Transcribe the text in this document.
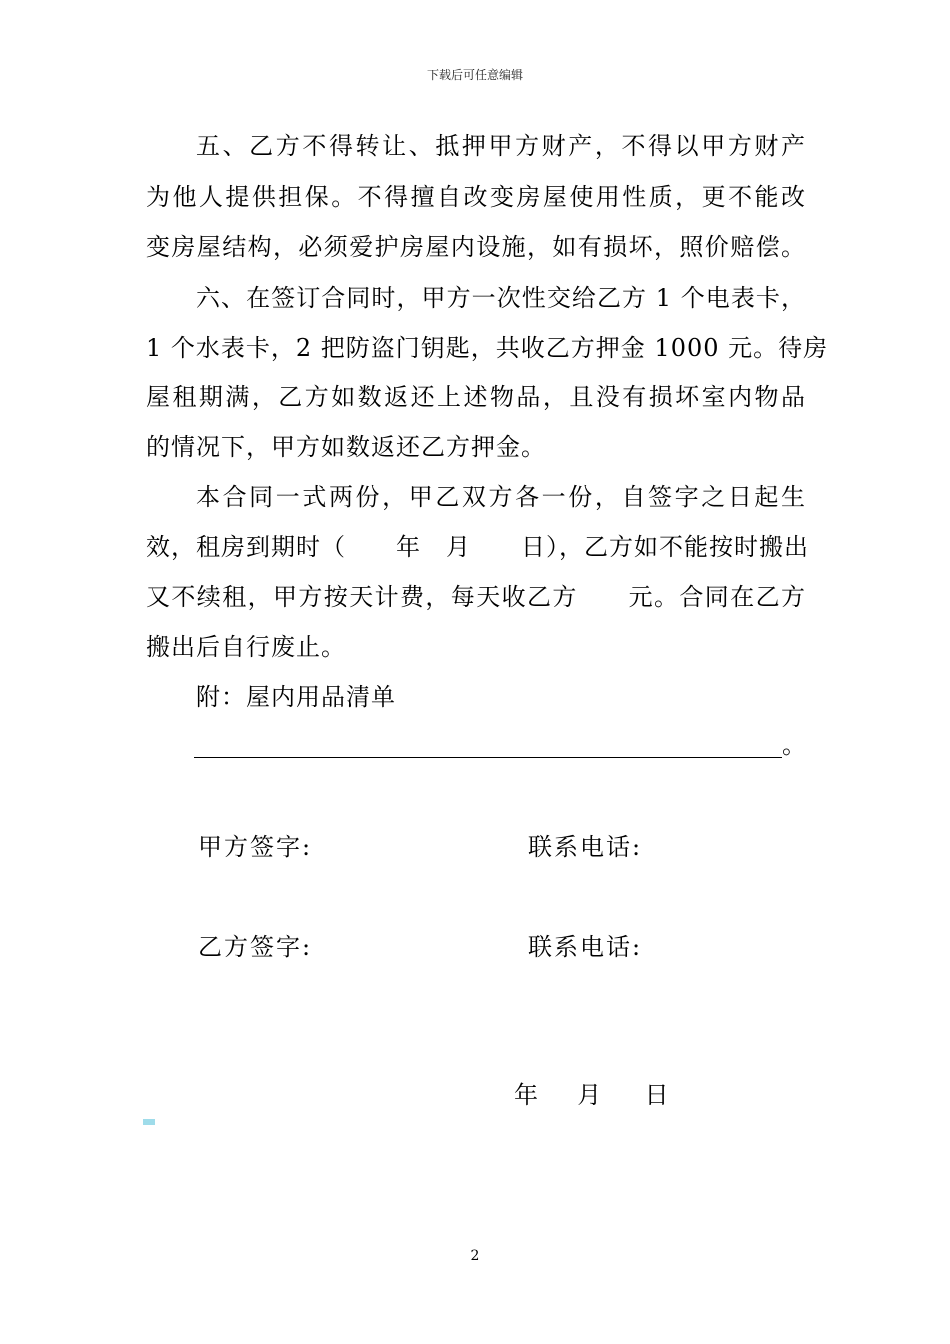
下载后可任意编辑
五、乙方不得转让、抵押甲方财产，不得以甲方财产
为他人提供担保。不得擅自改变房屋使用性质，更不能改
变房屋结构，必须爱护房屋内设施，如有损坏，照价赔偿。
六、在签订合同时，甲方一次性交给乙方 1 个电表卡，
1 个水表卡，2 把防盗门钥匙，共收乙方押金 1000 元。待房
屋租期满，乙方如数返还上述物品，且没有损坏室内物品
的情况下，甲方如数返还乙方押金。
本合同一式两份，甲乙双方各一份，自签字之日起生
效，租房到期时（　　年　月　　日），乙方如不能按时搬出
又不续租，甲方按天计费，每天收乙方　　元。合同在乙方
搬出后自行废止。
附：屋内用品清单
。
甲方签字:	联系电话:
乙方签字:	联系电话:
年 月 日
2
